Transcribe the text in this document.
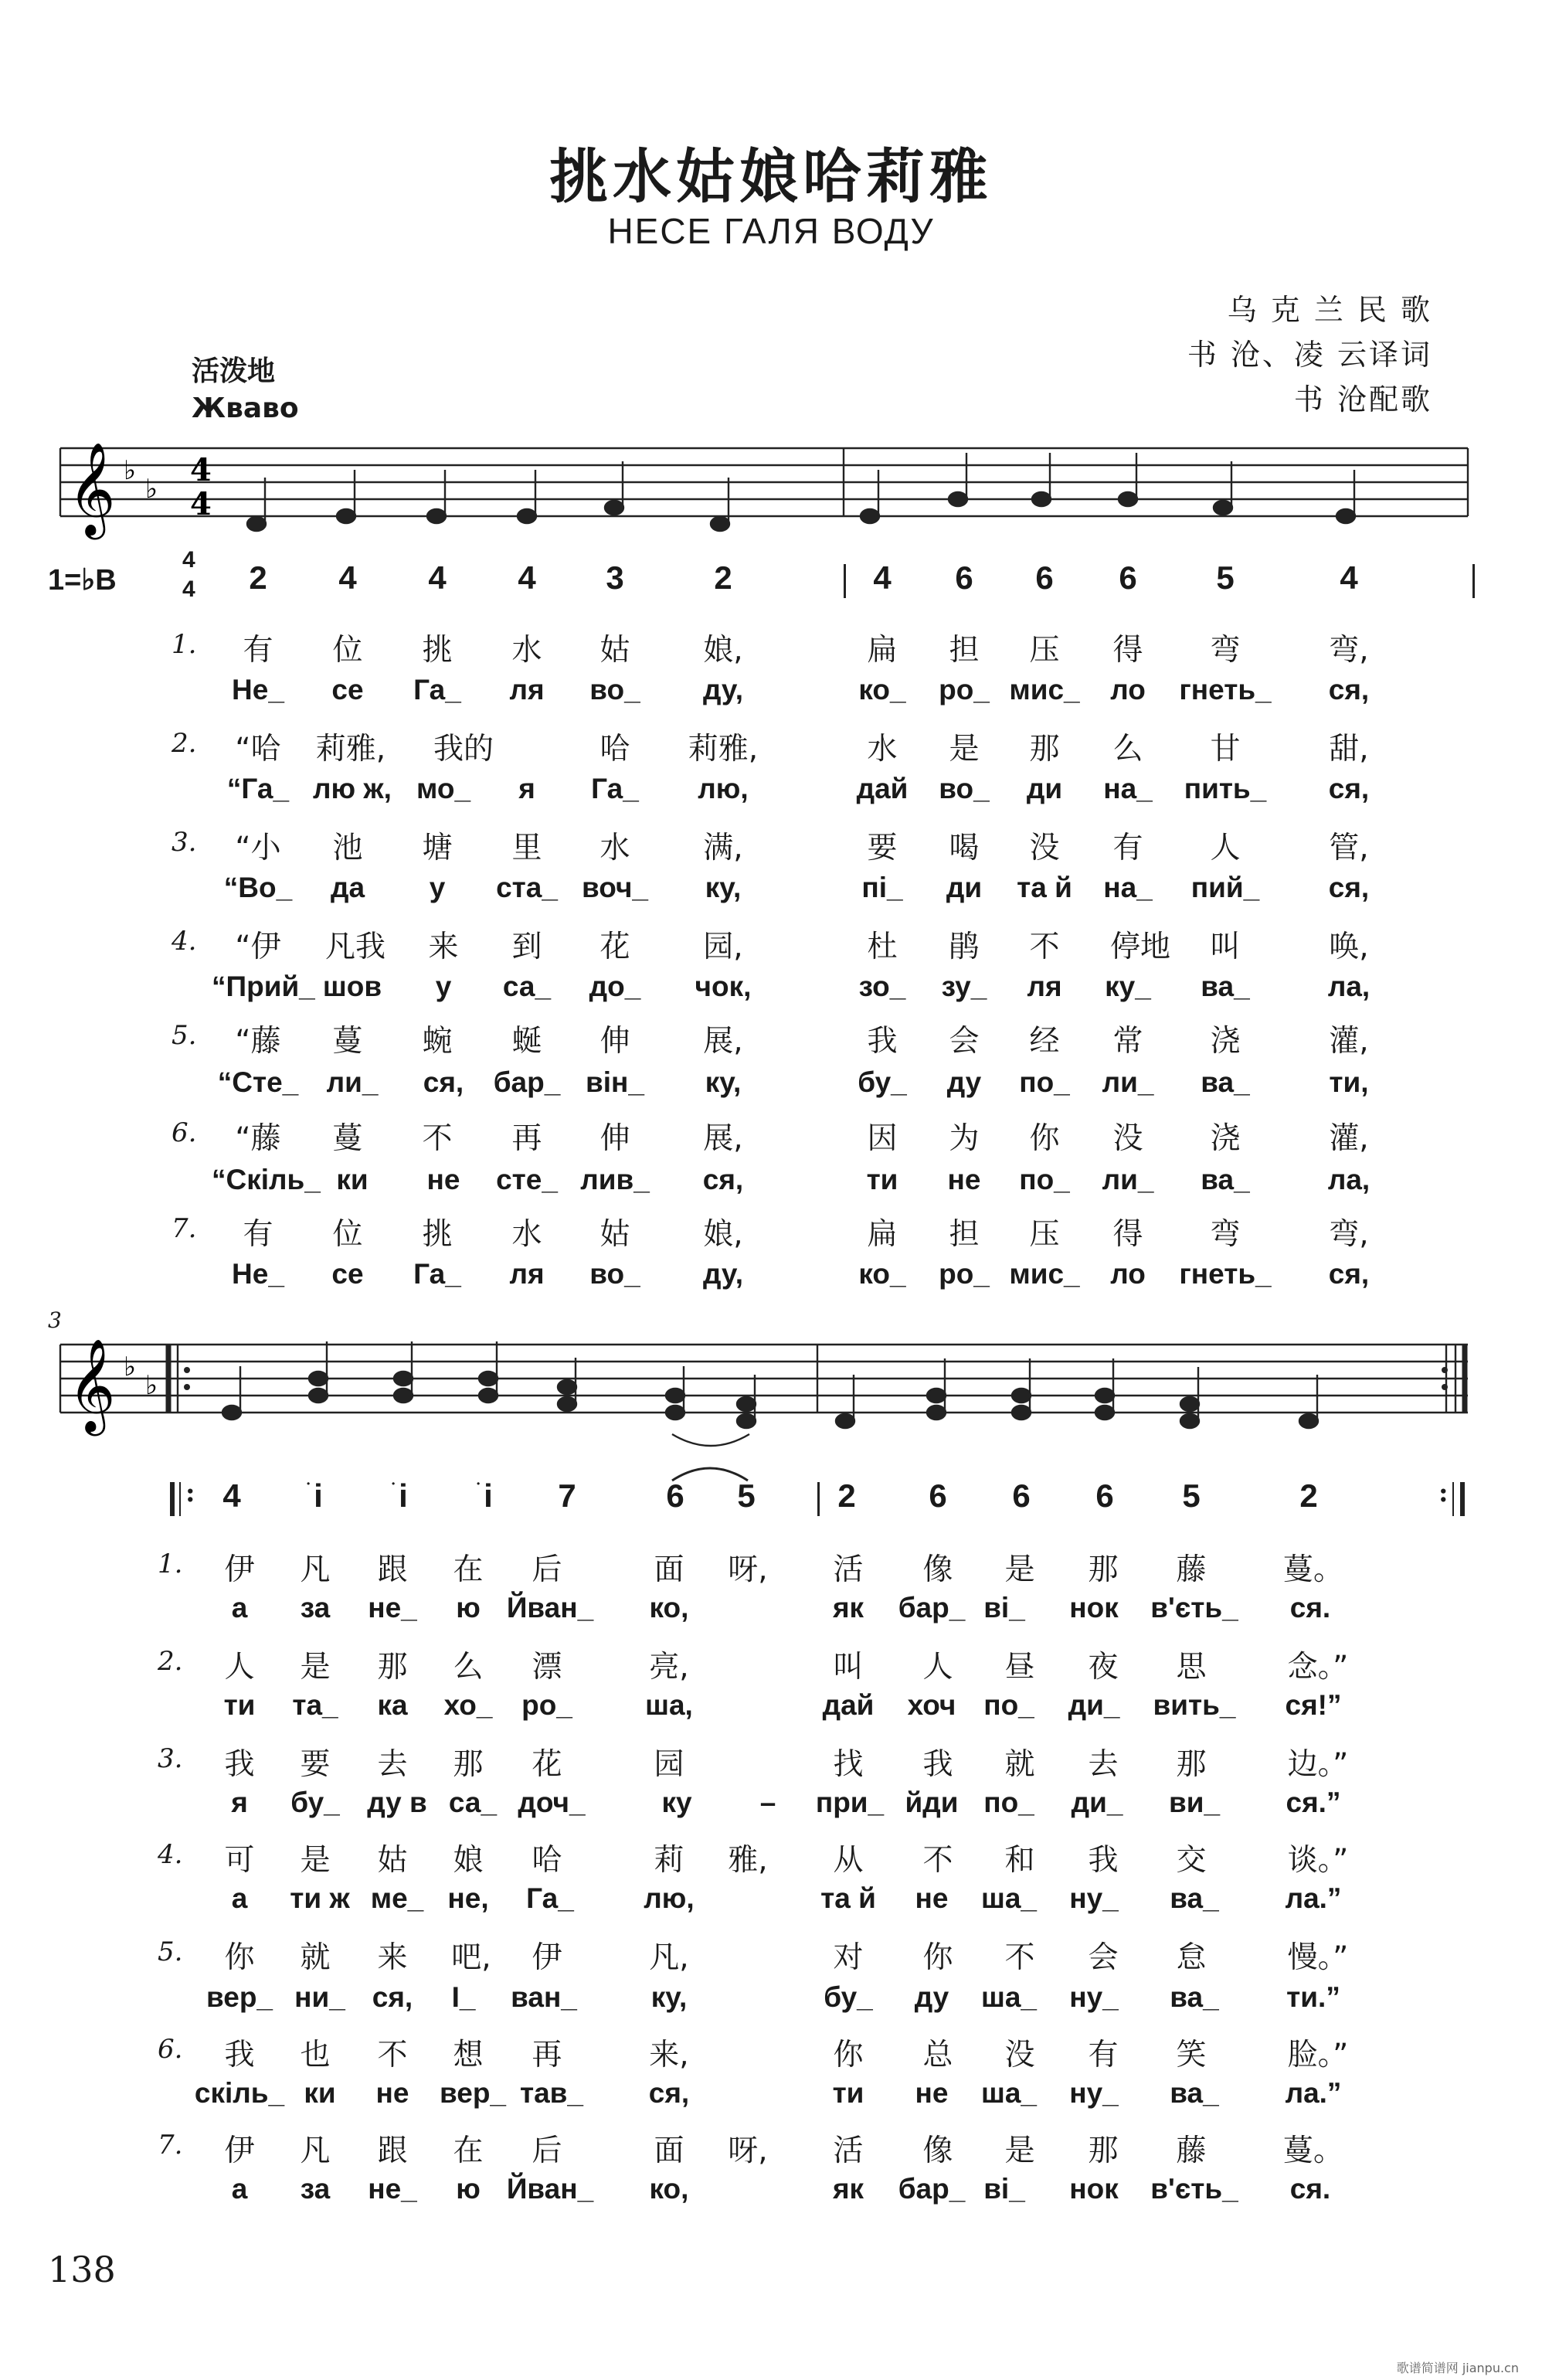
挑水姑娘哈莉雅
НЕСЕ ГАЛЯ ВОДУ
乌 克 兰 民 歌
书 沧、凌 云译词
书 沧配歌
活泼地
Жваво
𝄞 ♭
♭
4
4
1=♭B
4
4	2	4	4	4	3	2	4	6	6	6	5	4
1.	有	位	挑	水	姑	娘,	扁	担	压	得	弯	弯,
Не_	се	Га_	ля	во_	ду,	ко_	ро_ мис_	ло	гнеть_	ся,
2.	“哈	莉雅,	我的	哈	莉雅,	水	是	那	么	甘	甜,
“Га_ лю ж, мо_	я	Га_	лю,	дай	во_	ди	на_	пить_	ся,
3.	“小	池	塘	里	水	满,	要	喝	没	有	人	管,
“Во_	да	у	ста_ воч_	ку,	пі_	ди	та й	на_	пий_	ся,
4.	“伊	凡我	来	到	花	园,	杜	鹃	不	停地	叫	唤,
“Прий_ шов	у	са_	до_	чок,	зо_	зу_	ля	ку_	ва_	ла,
5.	“藤	蔓	蜿	蜒	伸	展,	我	会	经	常	浇	灌,
“Сте_ ли_	ся,	бар_ він_	ку,	бу_	ду	по_	ли_	ва_	ти,
6.	“藤	蔓	不	再	伸	展,	因	为	你	没	浇	灌,
“Скіль_ ки	не	сте_ лив_	ся,	ти	не	по_	ли_	ва_	ла,
7.	有	位	挑	水	姑	娘,	扁	担	压	得	弯	弯,
Не_	се	Га_	ля	во_	ду,	ко_	ро_ мис_	ло	гнеть_	ся,
3
𝄞 ♭
♭
: 4	i	i	i	7	6	5	2	6	6	6	5	2	:
·	·	·
1.	伊	凡	跟	在	后	面	呀,	活	像	是	那	藤	蔓。
а	за	не_	ю Йван_	ко,	як	бар_ ві_	нок	в'єть_	ся.
2.	人	是	那	么	漂	亮,	叫	人	昼	夜	思	念。”
ти	та_	ка	хо_	ро_	ша,	дай	хоч по_	ди_	вить_	ся!”
3.	我	要	去	那	花	园	找	我	就	去	那	边。”
я	бу_ ду в са_ доч_	ку	–	при_ йди по_	ди_	ви_	ся.”
4.	可	是	姑	娘	哈	莉	雅,	从	不	和	我	交	谈。”
а	ти ж ме_ не,	Га_	лю,	та й	не	ша_	ну_	ва_	ла.”
5.	你	就	来	吧,	伊	凡,	对	你	不	会	怠	慢。”
вер_ ни_ ся,	І_	ван_	ку,	бу_	ду	ша_	ну_	ва_	ти.”
6.	我	也	不	想	再	来,	你	总	没	有	笑	脸。”
скіль_ ки	не	вер_ тав_	ся,	ти	не	ша_	ну_	ва_	ла.”
7.	伊	凡	跟	在	后	面	呀,	活	像	是	那	藤	蔓。
а	за	не_	ю Йван_	ко,	як	бар_ ві_	нок	в'єть_	ся.
138
歌谱简谱网 jianpu.cn
